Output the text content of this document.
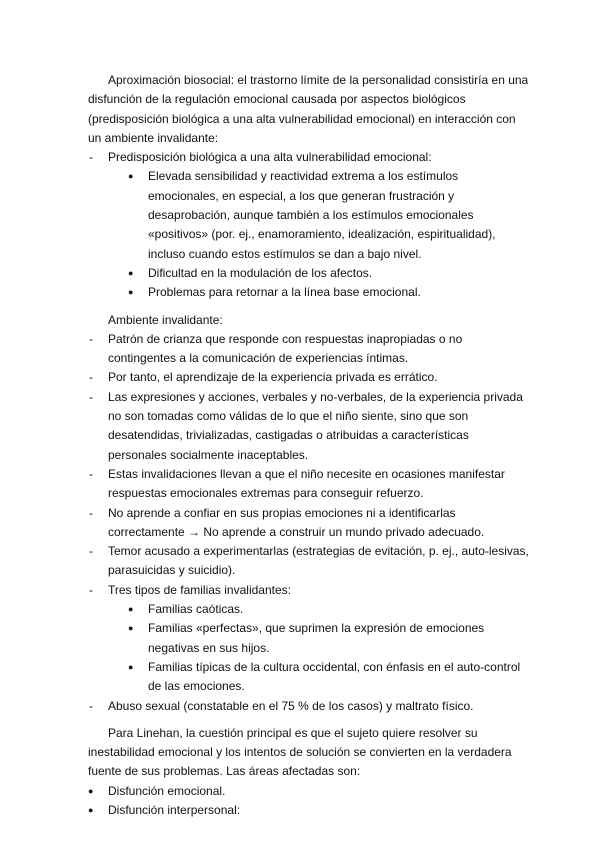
Aproximación biosocial: el trastorno límite de la personalidad consistiría en una disfunción de la regulación emocional causada por aspectos biológicos (predisposición biológica a una alta vulnerabilidad emocional) en interacción con un ambiente invalidante:

- Predisposición biológica a una alta vulnerabilidad emocional:
● Elevada sensibilidad y reactividad extrema a los estímulos emocionales, en especial, a los que generan frustración y desaprobación, aunque también a los estímulos emocionales «positivos» (por. ej., enamoramiento, idealización, espiritualidad), incluso cuando estos estímulos se dan a bajo nivel.
● Dificultad en la modulación de los afectos.
● Problemas para retornar a la línea base emocional.

Ambiente invalidante:

- Patrón de crianza que responde con respuestas inapropiadas o no contingentes a la comunicación de experiencias íntimas.
- Por tanto, el aprendizaje de la experiencia privada es errático.
- Las expresiones y acciones, verbales y no-verbales, de la experiencia privada no son tomadas como válidas de lo que el niño siente, sino que son desatendidas, trivializadas, castigadas o atribuidas a características personales socialmente inaceptables.
- Estas invalidaciones llevan a que el niño necesite en ocasiones manifestar respuestas emocionales extremas para conseguir refuerzo.
- No aprende a confiar en sus propias emociones ni a identificarlas correctamente → No aprende a construir un mundo privado adecuado.
- Temor acusado a experimentarlas (estrategias de evitación, p. ej., auto-lesivas, parasuicidas y suicidio).
- Tres tipos de familias invalidantes:
● Familias caóticas.
● Familias «perfectas», que suprimen la expresión de emociones negativas en sus hijos.
● Familias típicas de la cultura occidental, con énfasis en el auto-control de las emociones.
- Abuso sexual (constatable en el 75 % de los casos) y maltrato físico.

Para Linehan, la cuestión principal es que el sujeto quiere resolver su inestabilidad emocional y los intentos de solución se convierten en la verdadera fuente de sus problemas. Las áreas afectadas son:

● Disfunción emocional.
● Disfunción interpersonal:
